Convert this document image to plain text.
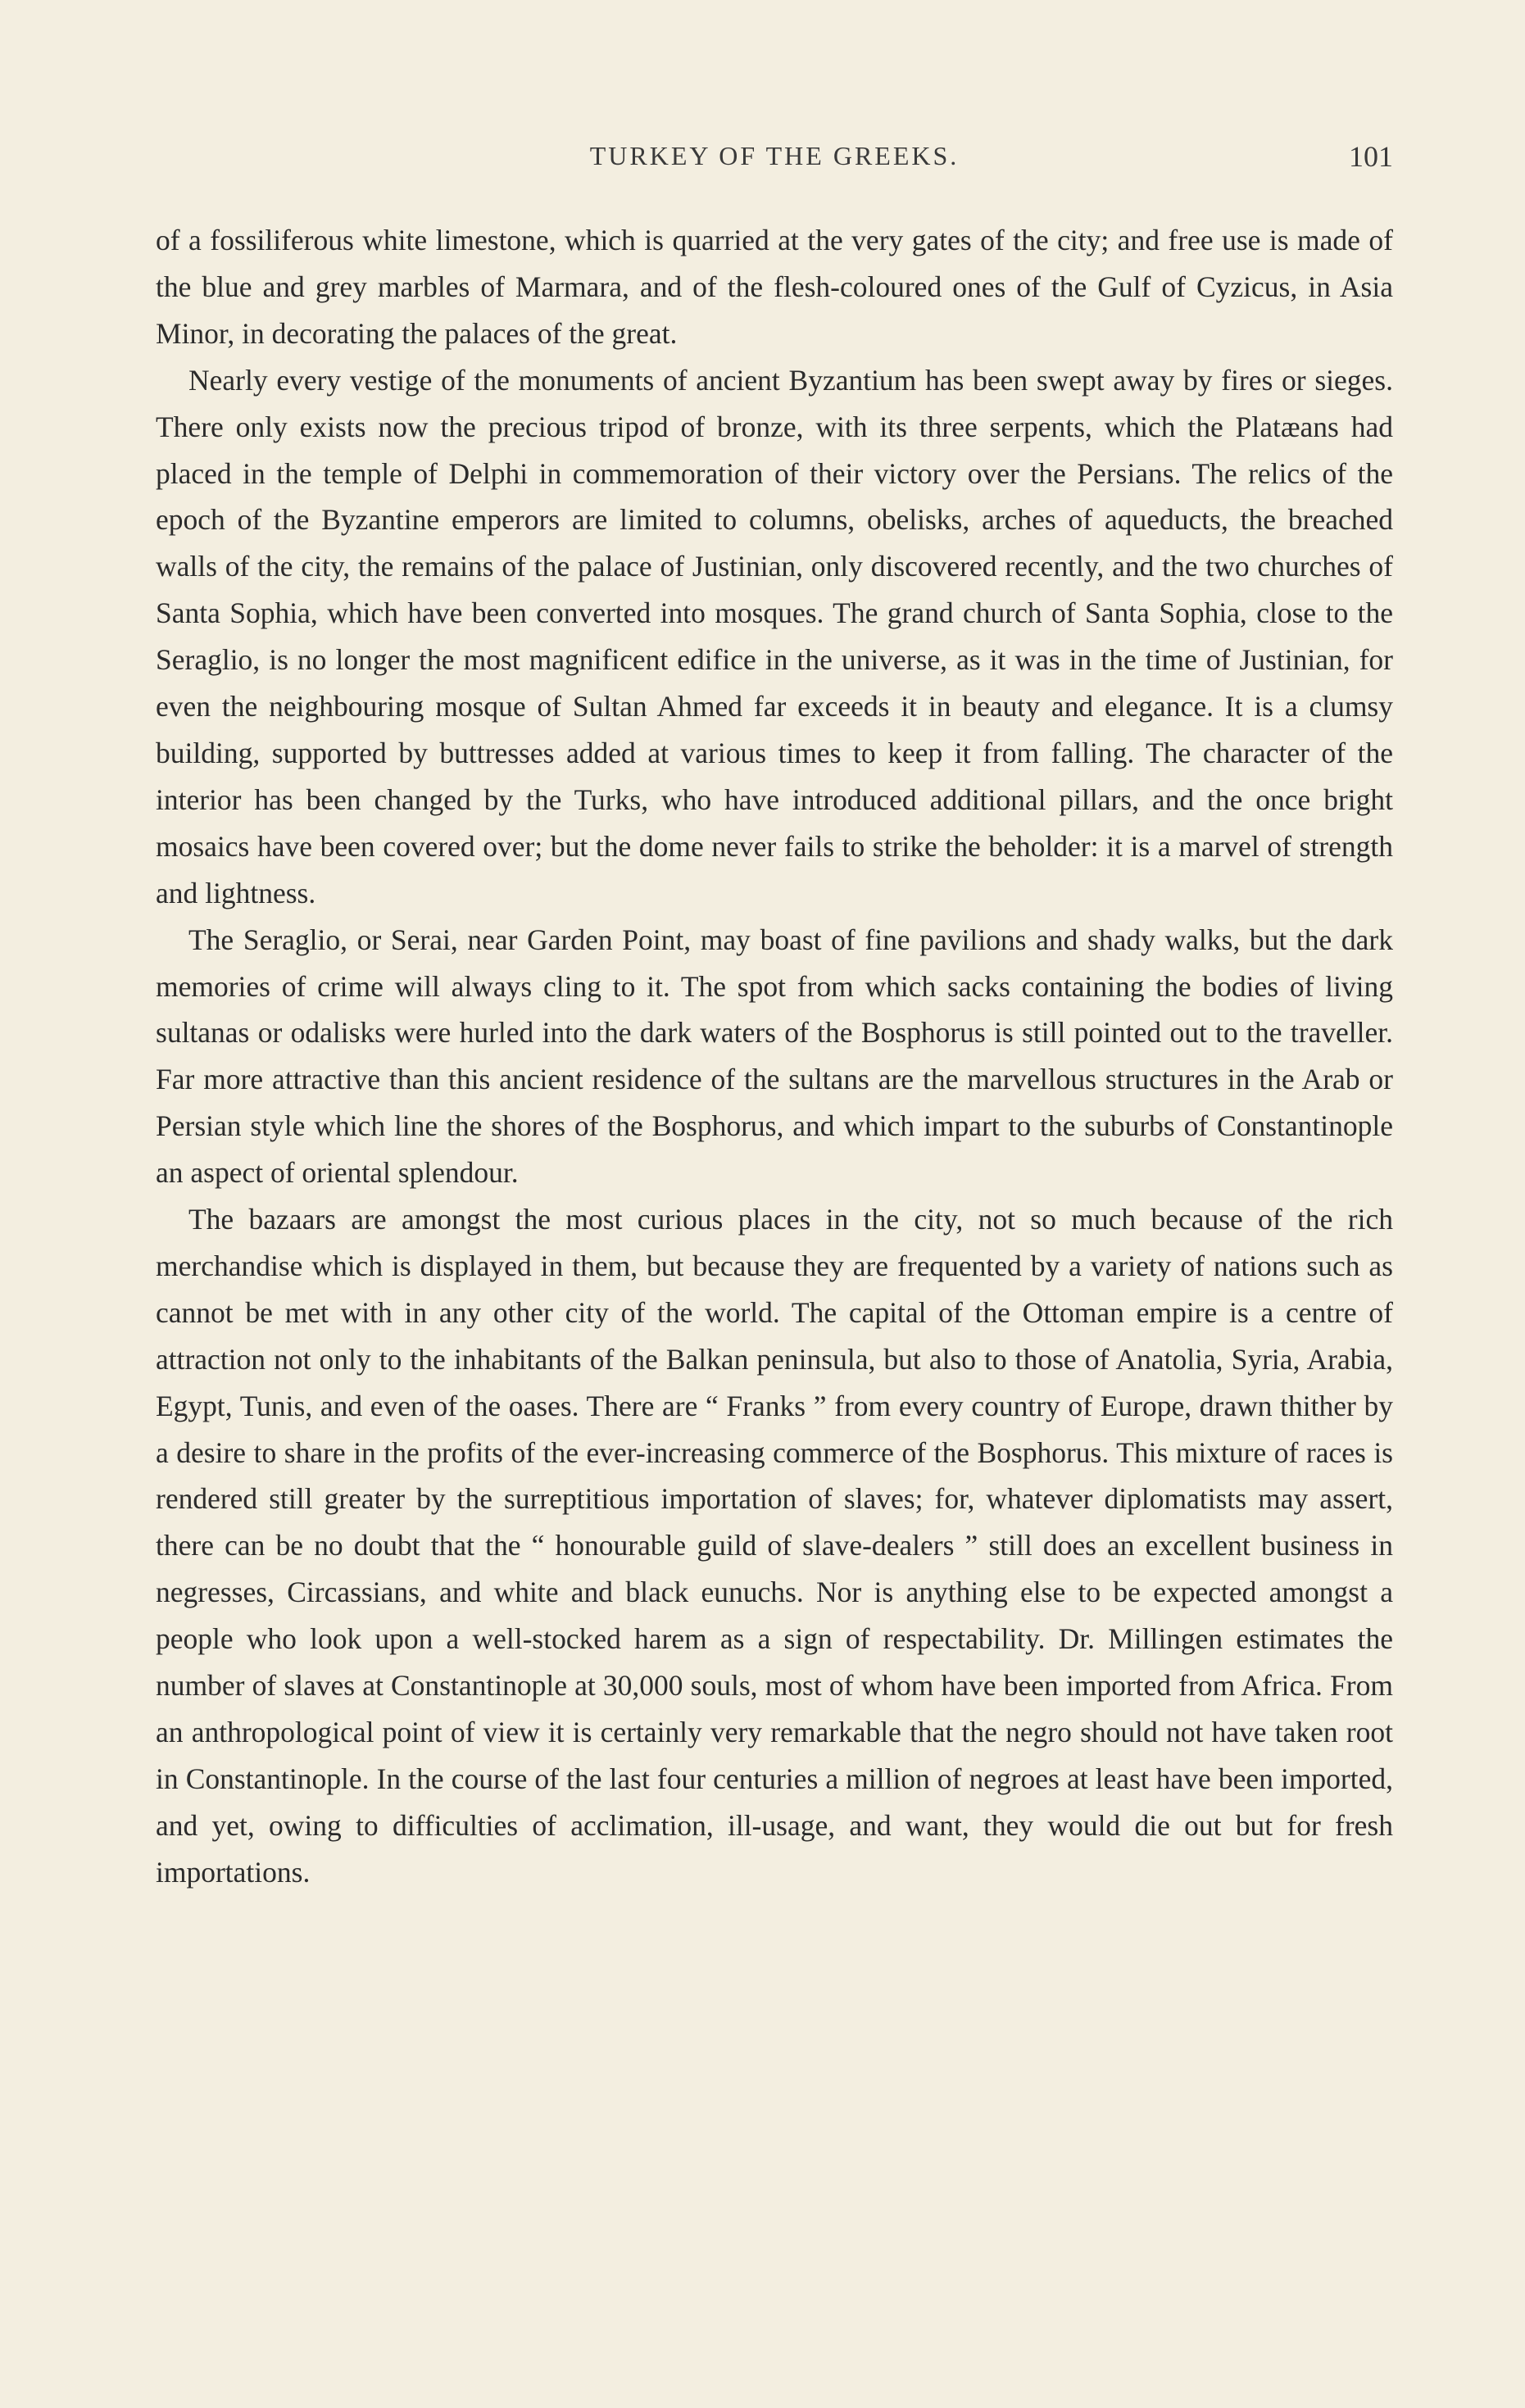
TURKEY OF THE GREEKS.	101

of a fossiliferous white limestone, which is quarried at the very gates of the city; and free use is made of the blue and grey marbles of Marmara, and of the flesh-coloured ones of the Gulf of Cyzicus, in Asia Minor, in decorating the palaces of the great.

Nearly every vestige of the monuments of ancient Byzantium has been swept away by fires or sieges. There only exists now the precious tripod of bronze, with its three serpents, which the Platæans had placed in the temple of Delphi in commemoration of their victory over the Persians. The relics of the epoch of the Byzantine emperors are limited to columns, obelisks, arches of aqueducts, the breached walls of the city, the remains of the palace of Justinian, only discovered recently, and the two churches of Santa Sophia, which have been converted into mosques. The grand church of Santa Sophia, close to the Seraglio, is no longer the most magnificent edifice in the universe, as it was in the time of Justinian, for even the neighbouring mosque of Sultan Ahmed far exceeds it in beauty and elegance. It is a clumsy building, supported by buttresses added at various times to keep it from falling. The character of the interior has been changed by the Turks, who have introduced additional pillars, and the once bright mosaics have been covered over; but the dome never fails to strike the beholder: it is a marvel of strength and lightness.

The Seraglio, or Serai, near Garden Point, may boast of fine pavilions and shady walks, but the dark memories of crime will always cling to it. The spot from which sacks containing the bodies of living sultanas or odalisks were hurled into the dark waters of the Bosphorus is still pointed out to the traveller. Far more attractive than this ancient residence of the sultans are the marvellous structures in the Arab or Persian style which line the shores of the Bosphorus, and which impart to the suburbs of Constantinople an aspect of oriental splendour.

The bazaars are amongst the most curious places in the city, not so much because of the rich merchandise which is displayed in them, but because they are frequented by a variety of nations such as cannot be met with in any other city of the world. The capital of the Ottoman empire is a centre of attraction not only to the inhabitants of the Balkan peninsula, but also to those of Anatolia, Syria, Arabia, Egypt, Tunis, and even of the oases. There are “ Franks ” from every country of Europe, drawn thither by a desire to share in the profits of the ever-increasing commerce of the Bosphorus. This mixture of races is rendered still greater by the surreptitious importation of slaves; for, whatever diplomatists may assert, there can be no doubt that the “ honourable guild of slave-dealers ” still does an excellent business in negresses, Circassians, and white and black eunuchs. Nor is anything else to be expected amongst a people who look upon a well-stocked harem as a sign of respectability. Dr. Millingen estimates the number of slaves at Constantinople at 30,000 souls, most of whom have been imported from Africa. From an anthropological point of view it is certainly very remarkable that the negro should not have taken root in Constantinople. In the course of the last four centuries a million of negroes at least have been imported, and yet, owing to difficulties of acclimation, ill-usage, and want, they would die out but for fresh importations.
